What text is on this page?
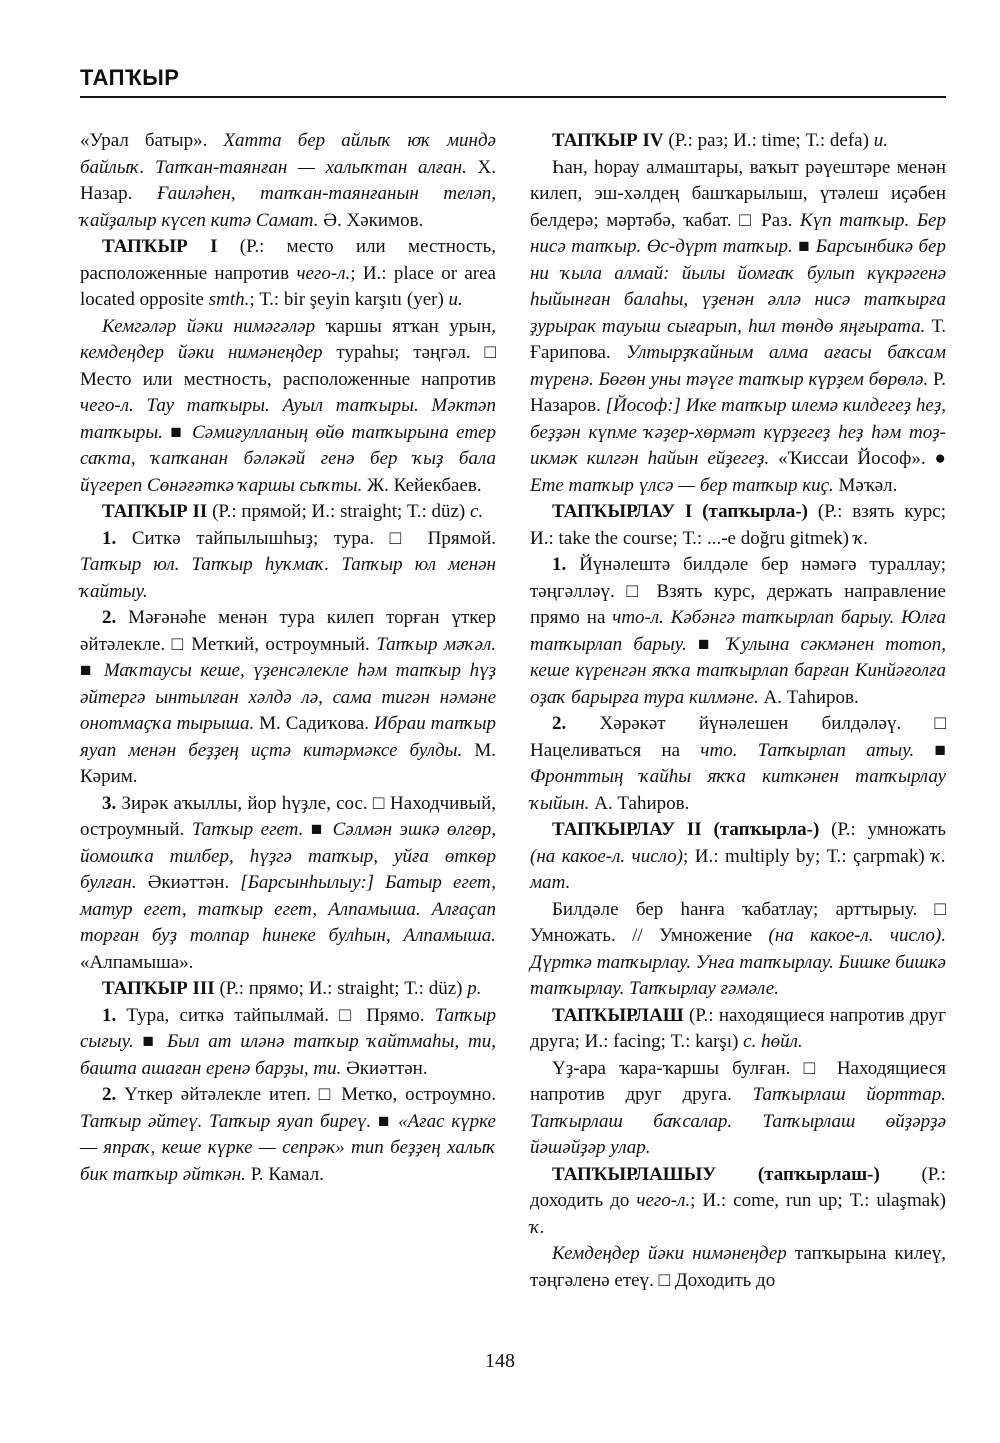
ТАПҠЫР

«Урал батыр». Хатта бер айлыҡ юҡ миндә байлыҡ. Тапҡан-таянған — халыҡтан алған. Х. Назар. Ғаиләһен, тапҡан-таянғанын теләп, ҡайҙалыр күсеп китә Самат. Ә. Хәкимов.

ТАПҠЫР I (Р.: место или местность, расположенные напротив чего-л.; И.: place or area located opposite smth.; Т.: bir şeyin karşıtı (yer) и.

Кемгәләр йәки нимәгәләр ҡаршы ятҡан урын, кемдеңдер йәки нимәнеңдер тураһы; тәңгәл. □ Место или местность, расположенные напротив чего-л. Тау тапҡыры. Ауыл тапҡыры. Мәктәп тапҡыры. ■ Сәмиғулланың өйө тапҡырына етер саҡта, ҡапҡанан бәләкәй генә бер ҡыҙ бала йүгереп Сөнәғәткә ҡаршы сыҡты. Ж. Кейекбаев.

ТАПҠЫР II (Р.: прямой; И.: straight; Т.: düz) с.

1. Ситкә тайпылышһыҙ; тура. □ Прямой. Тапҡыр юл. Тапҡыр һуҡмаҡ. Тапҡыр юл менән ҡайтыу.

2. Мәғәнәһе менән тура килеп торған үткер әйтәлекле. □ Меткий, остроумный. Тапҡыр мәҡәл. ■ Маҡтаусы кеше, үҙенсәлекле һәм тапҡыр һүҙ әйтергә ынтылған хәлдә лә, сама тигән нәмәне онотмаҫҡа тырыша. М. Садиҡова. Ибраи тапҡыр яуап менән беҙҙең иҫтә китәрмәксе булды. М. Кәрим.

3. Зирәк аҡыллы, йор һүҙле, сос. □ Находчивый, остроумный. Тапҡыр егет. ■ Сәлмән эшкә өлгөр, йомошҡа тилбер, һүҙгә тапҡыр, уйға өткөр булған. Әкиәттән. [Барсынһылыу:] Батыр егет, матур егет, тапҡыр егет, Алпамыша. Алғаҫап торған буҙ толпар һинеке булһын, Алпамыша. «Алпамыша».

ТАПҠЫР III (Р.: прямо; И.: straight; Т.: düz) р.

1. Тура, ситкә тайпылмай. □ Прямо. Тапҡыр сығыу. ■ Был ат иләнә тапҡыр ҡайтмаһы, ти, башта ашаған еренә барҙы, ти. Әкиәттән.

2. Үткер әйтәлекле итеп. □ Метко, остроумно. Тапҡыр әйтеү. Тапҡыр яуап биреү. ■ «Ағас күрке — япраҡ, кеше күрке — сепрәк» тип беҙҙең халыҡ бик тапҡыр әйткән. Р. Камал.

ТАПҠЫР IV (Р.: раз; И.: time; Т.: defa) и.

Һан, һорау алмаштары, ваҡыт рәүештәре менән килеп, эш-хәлдең башҡарылыш, үтәлеш иҫәбен белдерә; мәртәбә, ҡабат. □ Раз. Күп тапҡыр. Бер нисә тапҡыр. Өс-дүрт тапҡыр. ■ Барсынбикә бер ни ҡыла алмай: йылы йомғаҡ булып күкрәгенә һыйынған балаһы, үҙенән әллә нисә тапҡырға ҙурырак тауыш сығарып, һил төндө яңғырата. Т. Ғарипова. Ултырҙҡайным алма ағасы баҡсам түренә. Бөгөн уны тәүге тапҡыр күрҙем бөрөлә. Р. Назаров. [Йософ:] Ике тапҡыр илемә килдегеҙ һеҙ, беҙҙән күпме ҡәҙер-хөрмәт күрҙегеҙ һеҙ һәм тоҙ-икмәк килгән һайын ейҙегеҙ. «Ҡиссаи Йософ». ● Ете тапҡыр үлсә — бер тапҡыр киҫ. Мәҡәл.

ТАПҠЫРЛАУ I (тапҡырла-) (Р.: взять курс; И.: take the course; Т.: ...-e doğru gitmek) ҡ.

1. Йүнәлештә билдәле бер нәмәгә тураллау; тәңгәлләү. □ Взять курс, держать направление прямо на что-л. Кәбәнгә тапҡырлап барыу. Юлға тапҡырлап барыу. ■ Ҡулына сәкмәнен тотоп, кеше күренгән яҡҡа тапҡырлап барған Кинйәғолға оҙаҡ барырға тура килмәне. А. Таһиров.

2. Хәрәкәт йүнәлешен билдәләү. □ Нацеливаться на что. Тапҡырлап атыу. ■ Фронттың ҡайһы яҡҡа киткәнен тапҡырлау ҡыйын. А. Таһиров.

ТАПҠЫРЛАУ II (тапҡырла-) (Р.: умножать (на какое-л. число); И.: multiply by; Т.: çarpmak) ҡ. мат.

Билдәле бер һанға ҡабатлау; арттырыу. □ Умножать. // Умножение (на какое-л. число). Дүрткә тапҡырлау. Унға тапҡырлау. Бишке бишкә тапҡырлау. Тапҡырлау ғәмәле.

ТАПҠЫРЛАШ (Р.: находящиеся напротив друг друга; И.: facing; Т.: karşı) с. һөйл.

Үҙ-ара ҡара-ҡаршы булған. □ Находящиеся напротив друг друга. Тапҡырлаш йорттар. Тапҡырлаш баҡсалар. Тапҡырлаш өйҙәрҙә йәшәйҙәр улар.

ТАПҠЫРЛАШЫУ (тапҡырлаш-) (Р.: доходить до чего-л.; И.: come, run up; Т.: ulaşmak) ҡ.

Кемдеңдер йәки нимәнеңдер тапҡырына килеү, тәңгәленә етеү. □ Доходить до

148
